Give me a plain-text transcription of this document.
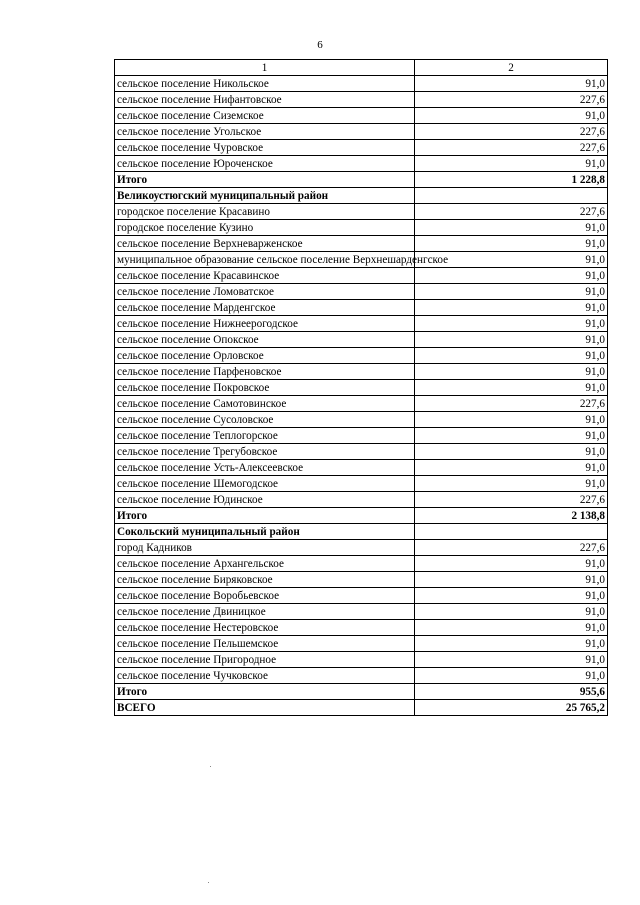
6
1	2
сельское поселение Никольское	91,0
сельское поселение Нифантовское	227,6
сельское поселение Сиземское	91,0
сельское поселение Угольское	227,6
сельское поселение Чуровское	227,6
сельское поселение Юроченское	91,0
Итого	1 228,8
Великоустюгский муниципальный район	
городское поселение Красавино	227,6
городское поселение Кузино	91,0
сельское поселение Верхневарженское	91,0
муниципальное образование сельское поселение Верхнешарденгское	91,0
сельское поселение Красавинское	91,0
сельское поселение Ломоватское	91,0
сельское поселение Марденгское	91,0
сельское поселение Нижнеерогодское	91,0
сельское поселение Опокское	91,0
сельское поселение Орловское	91,0
сельское поселение Парфеновское	91,0
сельское поселение Покровское	91,0
сельское поселение Самотовинское	227,6
сельское поселение Сусоловское	91,0
сельское поселение Теплогорское	91,0
сельское поселение Трегубовское	91,0
сельское поселение Усть-Алексеевское	91,0
сельское поселение Шемогодское	91,0
сельское поселение Юдинское	227,6
Итого	2 138,8
Сокольский муниципальный район	
город Кадников	227,6
сельское поселение Архангельское	91,0
сельское поселение Биряковское	91,0
сельское поселение Воробьевское	91,0
сельское поселение Двиницкое	91,0
сельское поселение Нестеровское	91,0
сельское поселение Пельшемское	91,0
сельское поселение Пригородное	91,0
сельское поселение Чучковское	91,0
Итого	955,6
ВСЕГО	25 765,2
